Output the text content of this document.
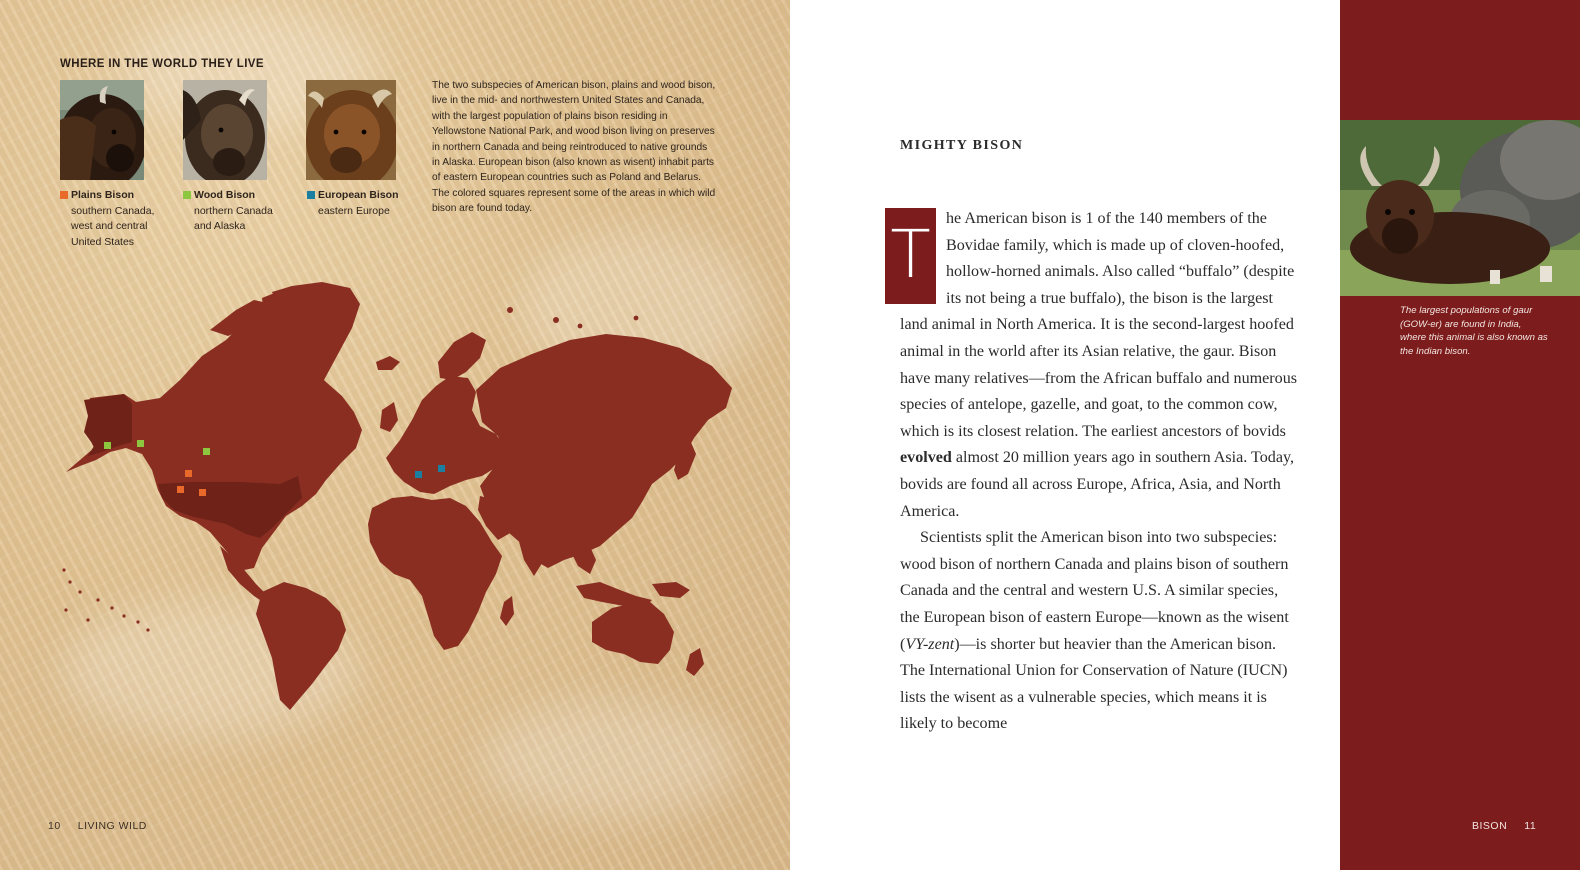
WHERE IN THE WORLD THEY LIVE
Plains Bison
southern Canada,
west and central
United States
Wood Bison
northern Canada
and Alaska
European Bison
eastern Europe

The two subspecies of American bison, plains and wood bison, live in the mid- and northwestern United States and Canada, with the largest population of plains bison residing in Yellowstone National Park, and wood bison living on preserves in northern Canada and being reintroduced to native grounds in Alaska. European bison (also known as wisent) inhabit parts of eastern European countries such as Poland and Belarus. The colored squares represent some of the areas in which wild bison are found today.

10 LIVING WILD
MIGHTY BISON
T he American bison is 1 of the 140 members of the Bovidae family, which is made up of cloven-hoofed, hollow-horned animals. Also called “buffalo” (despite its not being a true buffalo), the bison is the largest land animal in North America. It is the second-largest hoofed animal in the world after its Asian relative, the gaur. Bison have many relatives—from the African buffalo and numerous species of antelope, gazelle, and goat, to the common cow, which is its closest relation. The earliest ancestors of bovids evolved almost 20 million years ago in southern Asia. Today, bovids are found all across Europe, Africa, Asia, and North America.

Scientists split the American bison into two subspecies: wood bison of northern Canada and plains bison of southern Canada and the central and western U.S. A similar species, the European bison of eastern Europe—known as the wisent (VY-zent)—is shorter but heavier than the American bison. The International Union for Conservation of Nature (IUCN) lists the wisent as a vulnerable species, which means it is likely to become

The largest populations of gaur (GOW-er) are found in India, where this animal is also known as the Indian bison.

BISON 11
